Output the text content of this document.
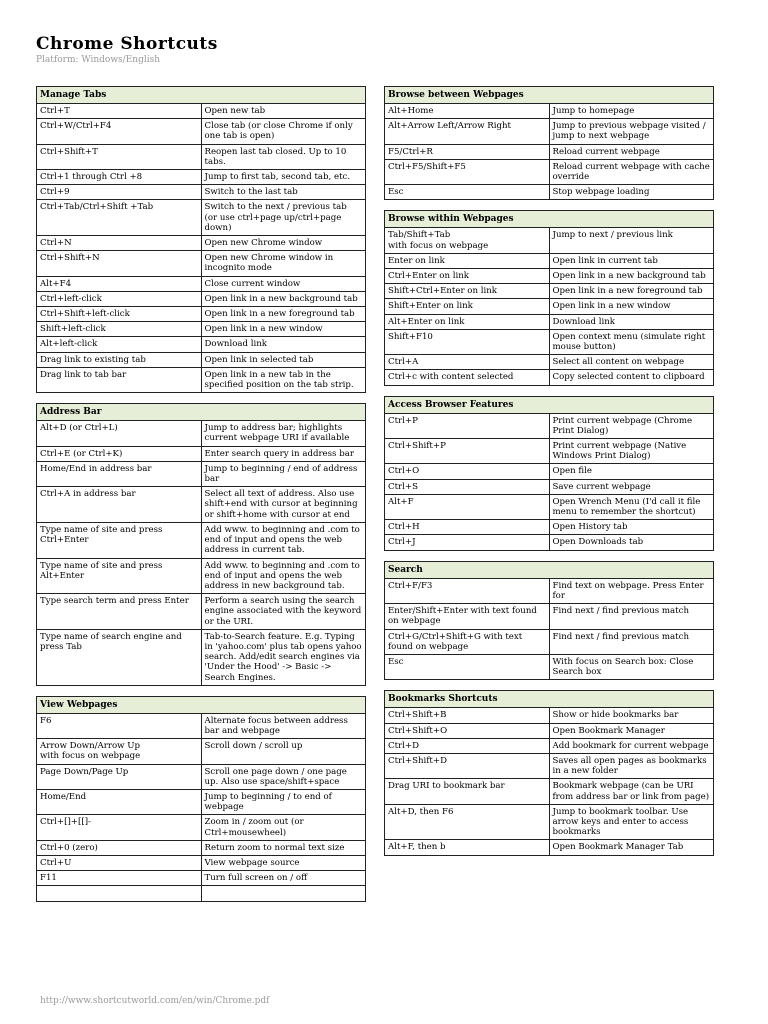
Chrome Shortcuts
Platform: Windows/English
Manage Tabs	
Ctrl+T	Open new tab
Ctrl+W/Ctrl+F4	Close tab (or close Chrome if only one tab is open)
Ctrl+Shift+T	Reopen last tab closed. Up to 10 tabs.
Ctrl+1 through Ctrl +8	Jump to first tab, second tab, etc.
Ctrl+9	Switch to the last tab
Ctrl+Tab/Ctrl+Shift +Tab	Switch to the next / previous tab
(or use ctrl+page up/ctrl+page down)
Ctrl+N	Open new Chrome window
Ctrl+Shift+N	Open new Chrome window in incognito mode
Alt+F4	Close current window
Ctrl+left-click	Open link in a new background tab
Ctrl+Shift+left-click	Open link in a new foreground tab
Shift+left-click	Open link in a new window
Alt+left-click	Download link
Drag link to existing tab	Open link in selected tab
Drag link to tab bar	Open link in a new tab in the specified position on the tab strip.
Address Bar	
Alt+D (or Ctrl+L)	Jump to address bar; highlights current webpage URI if available
Ctrl+E (or Ctrl+K)	Enter search query in address bar
Home/End in address bar	Jump to beginning / end of address bar
Ctrl+A in address bar	Select all text of address. Also use shift+end with cursor at beginning or shift+home with cursor at end
Type name of site and press Ctrl+Enter	Add www. to beginning and .com to end of input and opens the web address in current tab.
Type name of site and press Alt+Enter	Add www. to beginning and .com to end of input and opens the web address in new background tab.
Type search term and press Enter	Perform a search using the search engine associated with the keyword or the URI.
Type name of search engine and press Tab	Tab-to-Search feature. E.g. Typing in 'yahoo.com' plus tab opens yahoo search. Add/edit search engines via 'Under the Hood' -> Basic -> Search Engines.
View Webpages	
F6	Alternate focus between address bar and webpage
Arrow Down/Arrow Up
with focus on webpage	Scroll down / scroll up
Page Down/Page Up	Scroll one page down / one page up. Also use space/shift+space
Home/End	Jump to beginning / to end of webpage
Ctrl+[]+[[]-	Zoom in / zoom out (or Ctrl+mousewheel)
Ctrl+0 (zero)	Return zoom to normal text size
Ctrl+U	View webpage source
F11	Turn full screen on / off

Browse between Webpages	
Alt+Home	Jump to homepage
Alt+Arrow Left/Arrow Right	Jump to previous webpage visited / jump to next webpage
F5/Ctrl+R	Reload current webpage
Ctrl+F5/Shift+F5	Reload current webpage with cache override
Esc	Stop webpage loading
Browse within Webpages	
Tab/Shift+Tab
with focus on webpage	Jump to next / previous link
Enter on link	Open link in current tab
Ctrl+Enter on link	Open link in a new background tab
Shift+Ctrl+Enter on link	Open link in a new foreground tab
Shift+Enter on link	Open link in a new window
Alt+Enter on link	Download link
Shift+F10	Open context menu (simulate right mouse button)
Ctrl+A	Select all content on webpage
Ctrl+c with content selected	Copy selected content to clipboard
Access Browser Features	
Ctrl+P	Print current webpage (Chrome Print Dialog)
Ctrl+Shift+P	Print current webpage (Native Windows Print Dialog)
Ctrl+O	Open file
Ctrl+S	Save current webpage
Alt+F	Open Wrench Menu (I'd call it file menu to remember the shortcut)
Ctrl+H	Open History tab
Ctrl+J	Open Downloads tab
Search	
Ctrl+F/F3	Find text on webpage. Press Enter for
Enter/Shift+Enter with text found on webpage	Find next / find previous match
Ctrl+G/Ctrl+Shift+G with text found on webpage	Find next / find previous match
Esc	With focus on Search box: Close Search box
Bookmarks Shortcuts	
Ctrl+Shift+B	Show or hide bookmarks bar
Ctrl+Shift+O	Open Bookmark Manager
Ctrl+D	Add bookmark for current webpage
Ctrl+Shift+D	Saves all open pages as bookmarks in a new folder
Drag URI to bookmark bar	Bookmark webpage (can be URI from address bar or link from page)
Alt+D, then F6	Jump to bookmark toolbar. Use arrow keys and enter to access bookmarks
Alt+F, then b	Open Bookmark Manager Tab
http://www.shortcutworld.com/en/win/Chrome.pdf
